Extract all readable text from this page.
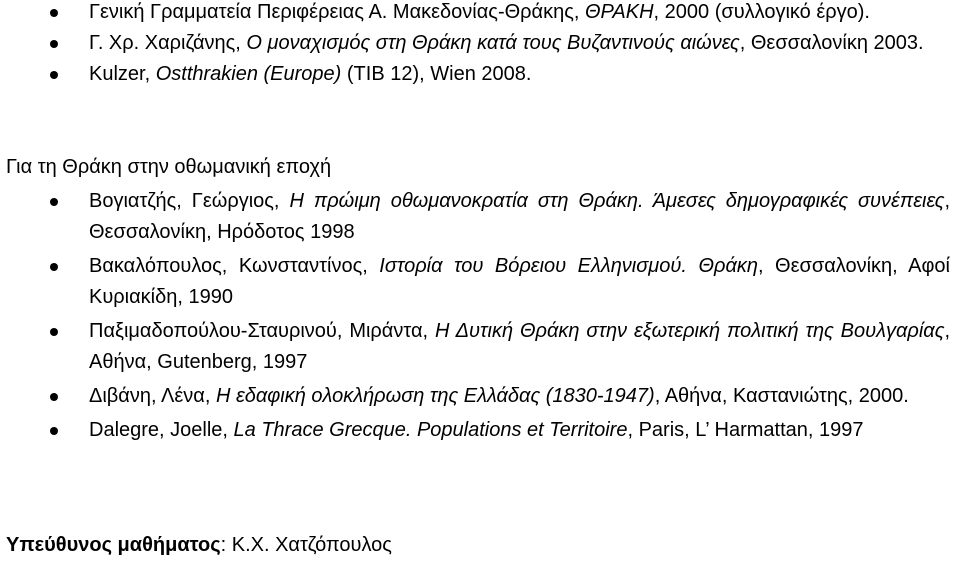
Γενική Γραμματεία Περιφέρειας Α. Μακεδονίας-Θράκης, ΘΡΑΚΗ, 2000 (συλλογικό έργο).
Γ. Χρ. Χαριζάνης, Ο μοναχισμός στη Θράκη κατά τους Βυζαντινούς αιώνες, Θεσσαλονίκη 2003.
Kulzer, Ostthrakien (Europe) (TIB 12), Wien 2008.
Για τη Θράκη στην οθωμανική εποχή
Βογιατζής, Γεώργιος, Η πρώιμη οθωμανοκρατία στη Θράκη. Άμεσες δημογραφικές συνέπειες, Θεσσαλονίκη, Ηρόδοτος 1998
Βακαλόπουλος, Κωνσταντίνος, Ιστορία του Βόρειου Ελληνισμού. Θράκη, Θεσσαλονίκη, Αφοί Κυριακίδη, 1990
Παξιμαδοπούλου-Σταυρινού, Μιράντα, Η Δυτική Θράκη στην εξωτερική πολιτική της Βουλγαρίας, Αθήνα, Gutenberg, 1997
Διβάνη, Λένα, Η εδαφική ολοκλήρωση της Ελλάδας (1830-1947), Αθήνα, Καστανιώτης, 2000.
Dalegre, Joelle, La Thrace Grecque. Populations et Territoire, Paris, L’ Harmattan, 1997
Υπεύθυνος μαθήματος: Κ.Χ. Χατζόπουλος
